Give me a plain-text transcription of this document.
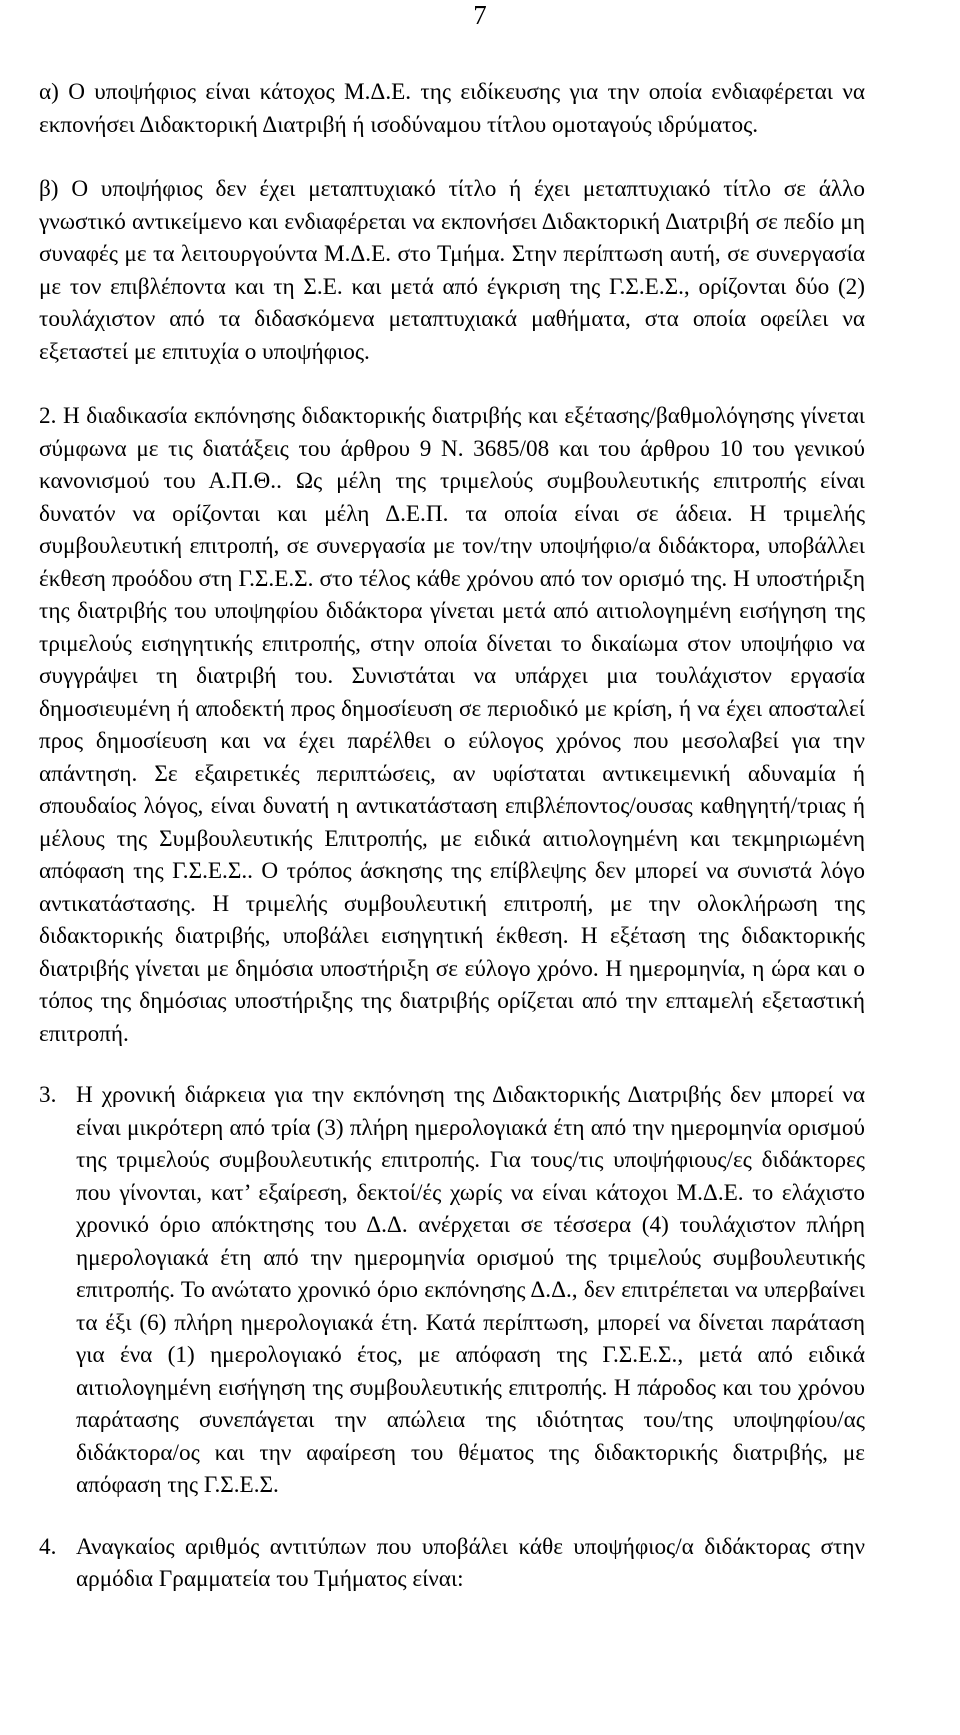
7

α) Ο υποψήφιος είναι κάτοχος Μ.Δ.Ε. της ειδίκευσης για την οποία ενδιαφέρεται να εκπονήσει Διδακτορική Διατριβή ή ισοδύναμου τίτλου ομοταγούς ιδρύματος.

β) Ο υποψήφιος δεν έχει μεταπτυχιακό τίτλο ή έχει μεταπτυχιακό τίτλο σε άλλο γνωστικό αντικείμενο και ενδιαφέρεται να εκπονήσει Διδακτορική Διατριβή σε πεδίο μη συναφές με τα λειτουργούντα Μ.Δ.Ε. στο Τμήμα. Στην περίπτωση αυτή, σε συνεργασία με τον επιβλέποντα και τη Σ.Ε. και μετά από έγκριση της Γ.Σ.Ε.Σ., ορίζονται δύο (2) τουλάχιστον από τα διδασκόμενα μεταπτυχιακά μαθήματα, στα οποία οφείλει να εξεταστεί με επιτυχία ο υποψήφιος.

2. Η διαδικασία εκπόνησης διδακτορικής διατριβής και εξέτασης/βαθμολόγησης γίνεται σύμφωνα με τις διατάξεις του άρθρου 9 Ν. 3685/08 και του άρθρου 10 του γενικού κανονισμού του Α.Π.Θ.. Ως μέλη της τριμελούς συμβουλευτικής επιτροπής είναι δυνατόν να ορίζονται και μέλη Δ.Ε.Π. τα οποία είναι σε άδεια. Η τριμελής συμβουλευτική επιτροπή, σε συνεργασία με τον/την υποψήφιο/α διδάκτορα, υποβάλλει έκθεση προόδου στη Γ.Σ.Ε.Σ. στο τέλος κάθε χρόνου από τον ορισμό της. Η υποστήριξη της διατριβής του υποψηφίου διδάκτορα γίνεται μετά από αιτιολογημένη εισήγηση της τριμελούς εισηγητικής επιτροπής, στην οποία δίνεται το δικαίωμα στον υποψήφιο να συγγράψει τη διατριβή του. Συνιστάται να υπάρχει μια τουλάχιστον εργασία δημοσιευμένη ή αποδεκτή προς δημοσίευση σε περιοδικό με κρίση, ή να έχει αποσταλεί προς δημοσίευση και να έχει παρέλθει ο εύλογος χρόνος που μεσολαβεί για την απάντηση. Σε εξαιρετικές περιπτώσεις, αν υφίσταται αντικειμενική αδυναμία ή σπουδαίος λόγος, είναι δυνατή η αντικατάσταση επιβλέποντος/ουσας καθηγητή/τριας ή μέλους της Συμβουλευτικής Επιτροπής, με ειδικά αιτιολογημένη και τεκμηριωμένη απόφαση της Γ.Σ.Ε.Σ.. Ο τρόπος άσκησης της επίβλεψης δεν μπορεί να συνιστά λόγο αντικατάστασης. Η τριμελής συμβουλευτική επιτροπή, με την ολοκλήρωση της διδακτορικής διατριβής, υποβάλει εισηγητική έκθεση. Η εξέταση της διδακτορικής διατριβής γίνεται με δημόσια υποστήριξη σε εύλογο χρόνο. Η ημερομηνία, η ώρα και ο τόπος της δημόσιας υποστήριξης της διατριβής ορίζεται από την επταμελή εξεταστική επιτροπή.

3. Η χρονική διάρκεια για την εκπόνηση της Διδακτορικής Διατριβής δεν μπορεί να είναι μικρότερη από τρία (3) πλήρη ημερολογιακά έτη από την ημερομηνία ορισμού της τριμελούς συμβουλευτικής επιτροπής. Για τους/τις υποψήφιους/ες διδάκτορες που γίνονται, κατ’ εξαίρεση, δεκτοί/ές χωρίς να είναι κάτοχοι Μ.Δ.Ε. το ελάχιστο χρονικό όριο απόκτησης του Δ.Δ. ανέρχεται σε τέσσερα (4) τουλάχιστον πλήρη ημερολογιακά έτη από την ημερομηνία ορισμού της τριμελούς συμβουλευτικής επιτροπής. Το ανώτατο χρονικό όριο εκπόνησης Δ.Δ., δεν επιτρέπεται να υπερβαίνει τα έξι (6) πλήρη ημερολογιακά έτη. Κατά περίπτωση, μπορεί να δίνεται παράταση για ένα (1) ημερολογιακό έτος, με απόφαση της Γ.Σ.Ε.Σ., μετά από ειδικά αιτιολογημένη εισήγηση της συμβουλευτικής επιτροπής. Η πάροδος και του χρόνου παράτασης συνεπάγεται την απώλεια της ιδιότητας του/της υποψηφίου/ας διδάκτορα/ος και την αφαίρεση του θέματος της διδακτορικής διατριβής, με απόφαση της Γ.Σ.Ε.Σ.
4. Αναγκαίος αριθμός αντιτύπων που υποβάλει κάθε υποψήφιος/α διδάκτορας στην αρμόδια Γραμματεία του Τμήματος είναι:
